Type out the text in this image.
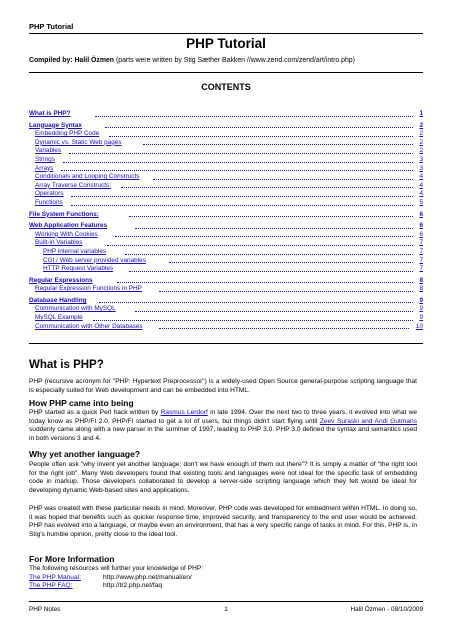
PHP Tutorial
PHP Tutorial
Compiled by: Halil Özmen (parts were written by Stig Sæther Bakken //www.zend.com/zend/art/intro.php)
CONTENTS
What is PHP?	1
Language Syntax	2
Embedding PHP Code	2
Dynamic vs. Static Web pages	2
Variables	2
Strings	3
Arrays	3
Conditionals and Looping Constructs	4
Array Traverse Constructs:	4
Operators	4
Functions	5
File System Functions:	6
Web Application Features	6
Working With Cookies	6
Built-in Variables	7
PHP internal variables	7
CGI / Web server provided variables	7
HTTP Request Variables	7
Regular Expressions	8
Regular Expression Functions in PHP	8
Database Handling	9
Communication with MySQL	9
MySQL Example	9
Communication with Other Databases	10
What is PHP?
PHP (recursive acronym for "PHP: Hypertext Preprocessor") is a widely-used Open Source general-purpose scripting language that is especially suited for Web development and can be embedded into HTML.
How PHP came into being
PHP started as a quick Perl hack written by Rasmus Lerdorf in late 1994. Over the next two to three years, it evolved into what we today know as PHP/FI 2.0. PHP/FI started to get a lot of users, but things didn't start flying until Zeev Suraski and Andi Gutmans suddenly came along with a new parser in the summer of 1997, leading to PHP 3.0. PHP 3.0 defined the syntax and semantics used in both versions 3 and 4.
Why yet another language?
People often ask "why invent yet another language; don't we have enough of them out there"? It is simply a matter of "the right tool for the right job". Many Web developers found that existing tools and languages were not ideal for the specific task of embedding code in markup. Those developers collaborated to develop a server-side scripting language which they felt would be ideal for developing dynamic Web-based sites and applications.
PHP was created with these particular needs in mind. Moreover, PHP code was developed for embedment within HTML. In doing so, it was hoped that benefits such as quicker response time, improved security, and transparency to the end user would be achieved. PHP has evolved into a language, or maybe even an environment, that has a very specific range of tasks in mind. For this, PHP is, in Stig's humble opinion, pretty close to the ideal tool.
For More Information
The following resources will further your knowledge of PHP:
The PHP Manual:	http://www.php.net/manual/en/
The PHP FAQ:	http://tr2.php.net/faq
PHP Notes	1	Halil Özmen - 08/10/2009
